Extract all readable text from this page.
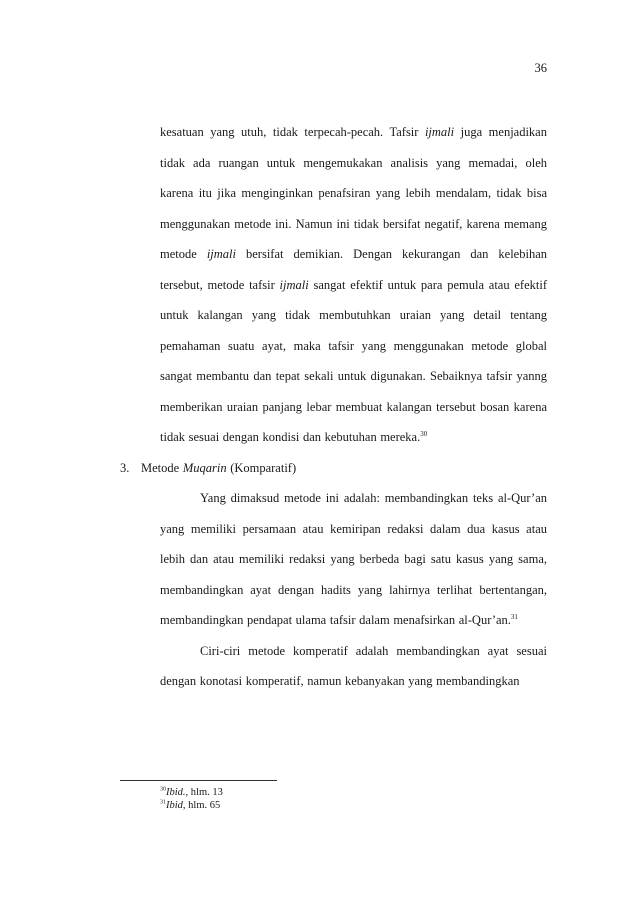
36

kesatuan yang utuh, tidak terpecah-pecah. Tafsir ijmali juga menjadikan tidak ada ruangan untuk mengemukakan analisis yang memadai, oleh karena itu jika menginginkan penafsiran yang lebih mendalam, tidak bisa menggunakan metode ini. Namun ini tidak bersifat negatif, karena memang metode ijmali bersifat demikian. Dengan kekurangan dan kelebihan tersebut, metode tafsir ijmali sangat efektif untuk para pemula atau efektif untuk kalangan yang tidak membutuhkan uraian yang detail tentang pemahaman suatu ayat, maka tafsir yang menggunakan metode global sangat membantu dan tepat sekali untuk digunakan. Sebaiknya tafsir yanng memberikan uraian panjang lebar membuat kalangan tersebut bosan karena tidak sesuai dengan kondisi dan kebutuhan mereka.$^{30}$

3. Metode Muqarin (Komparatif)

Yang dimaksud metode ini adalah: membandingkan teks al-Qur’an yang memiliki persamaan atau kemiripan redaksi dalam dua kasus atau lebih dan atau memiliki redaksi yang berbeda bagi satu kasus yang sama, membandingkan ayat dengan hadits yang lahirnya terlihat bertentangan, membandingkan pendapat ulama tafsir dalam menafsirkan al-Qur’an.$^{31}$

Ciri-ciri metode komperatif adalah membandingkan ayat sesuai dengan konotasi komperatif, namun kebanyakan yang membandingkan

$^{30}$Ibid., hlm. 13
$^{31}$Ibid, hlm. 65
